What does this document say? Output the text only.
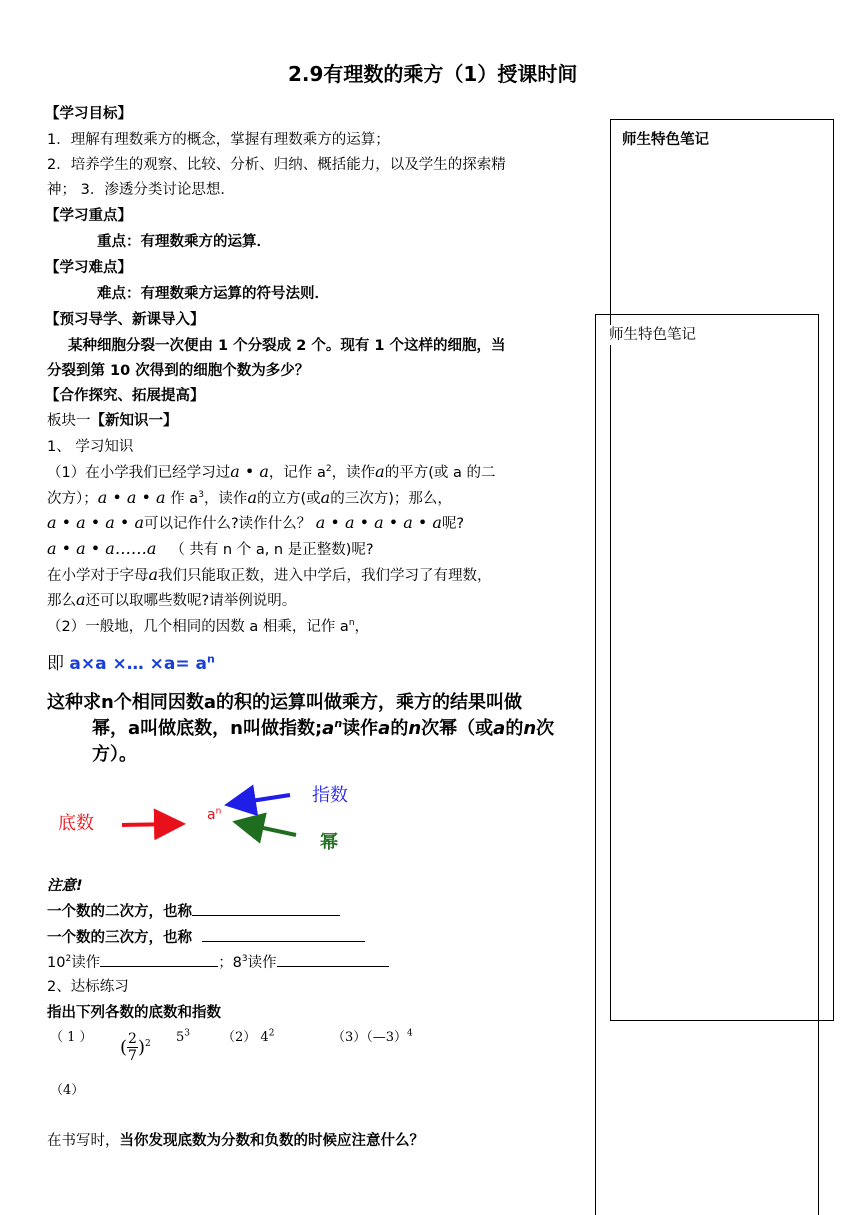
2.9有理数的乘方（1）授课时间
师生特色笔记
师生特色笔记
【学习目标】
1．理解有理数乘方的概念，掌握有理数乘方的运算；
2．培养学生的观察、比较、分析、归纳、概括能力，以及学生的探索精
神； 3．渗透分类讨论思想．
【学习重点】
重点：有理数乘方的运算．
【学习难点】
难点：有理数乘方运算的符号法则．
【预习导学、新课导入】
某种细胞分裂一次便由 1 个分裂成 2 个。现有 1 个这样的细胞，当
分裂到第 10 次得到的细胞个数为多少？
【合作探究、拓展提高】
板块一【新知识一】
1、 学习知识
（1）在小学我们已经学习过a • a，记作 $a^2$，读作a的平方(或 a 的二
次方）；a • a • a 作 $a^3$，读作a的立方(或a的三次方)；那么，
a • a • a • a可以记作什么?读作什么？ a • a • a • a • a呢?
a • a • a……a （ 共有 n 个 a, n 是正整数)呢?
在小学对于字母a我们只能取正数，进入中学后，我们学习了有理数，
那么a还可以取哪些数呢?请举例说明。
（2）一般地，几个相同的因数 a 相乘，记作 $a^n$，
即 a×a ×… $\times a= a^n$
这种求n个相同因数a的积的运算叫做乘方，乘方的结果叫做
幂，a叫做底数，n叫做指数$;a^n$读作a的n次幂（或a的n次
方）。
底数
指数
幂
$a^n$
注意!
一个数的二次方，也称
一个数的三次方，也称
$10^2$读作	；$8^3$读作
2、达标练习
指出下列各数的底数和指数
（ 1 ） ( $\frac{2}{7} )^2$ $5^3$ （2） $4^2$	（3）（—3）$^4$
（4）
在书写时，当你发现底数为分数和负数的时候应注意什么？
